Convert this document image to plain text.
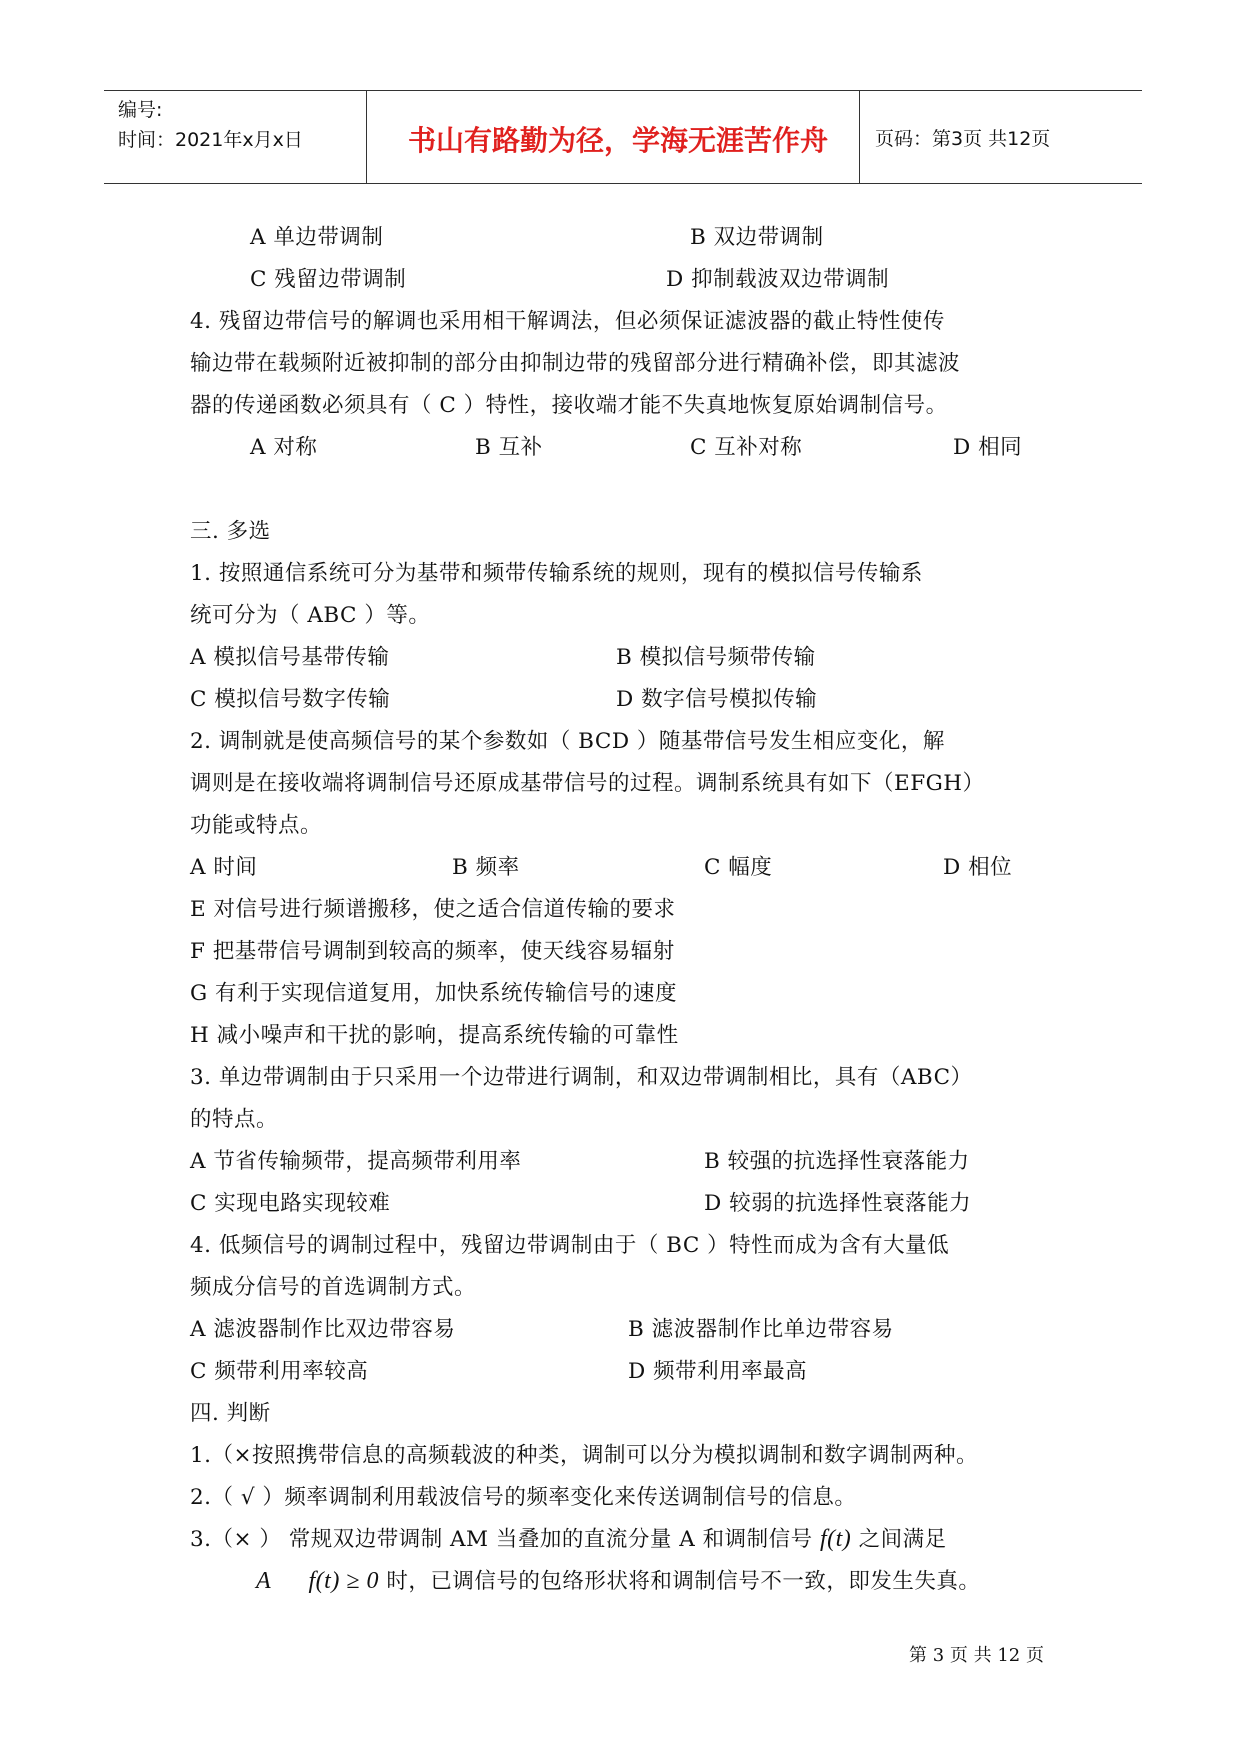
编号:
时间：2021年x月x日	书山有路勤为径，学海无涯苦作舟	页码：第3页 共12页
A 单边带调制	B 双边带调制
C 残留边带调制	D 抑制载波双边带调制
4. 残留边带信号的解调也采用相干解调法，但必须保证滤波器的截止特性使传
输边带在载频附近被抑制的部分由抑制边带的残留部分进行精确补偿，即其滤波
器的传递函数必须具有（ C ）特性，接收端才能不失真地恢复原始调制信号。
A 对称	B 互补	C 互补对称	D 相同
三. 多选
1. 按照通信系统可分为基带和频带传输系统的规则，现有的模拟信号传输系
统可分为（ ABC ）等。
A 模拟信号基带传输	B 模拟信号频带传输
C 模拟信号数字传输	D 数字信号模拟传输
2. 调制就是使高频信号的某个参数如（ BCD ）随基带信号发生相应变化，解
调则是在接收端将调制信号还原成基带信号的过程。调制系统具有如下（EFGH）
功能或特点。
A 时间	B 频率	C 幅度	D 相位
E 对信号进行频谱搬移，使之适合信道传输的要求
F 把基带信号调制到较高的频率，使天线容易辐射
G 有利于实现信道复用，加快系统传输信号的速度
H 减小噪声和干扰的影响，提高系统传输的可靠性
3. 单边带调制由于只采用一个边带进行调制，和双边带调制相比，具有（ABC）
的特点。
A 节省传输频带，提高频带利用率	B 较强的抗选择性衰落能力
C 实现电路实现较难	D 较弱的抗选择性衰落能力
4. 低频信号的调制过程中，残留边带调制由于（ BC ）特性而成为含有大量低
频成分信号的首选调制方式。
A 滤波器制作比双边带容易	B 滤波器制作比单边带容易
C 频带利用率较高	D 频带利用率最高
四. 判断
1.（×按照携带信息的高频载波的种类，调制可以分为模拟调制和数字调制两种。
2.（ √ ）频率调制利用载波信号的频率变化来传送调制信号的信息。
3.（× ） 常规双边带调制 AM 当叠加的直流分量 A 和调制信号 f(t) 之间满足
A f(t) ≥ 0 时，已调信号的包络形状将和调制信号不一致，即发生失真。
第 3 页 共 12 页
